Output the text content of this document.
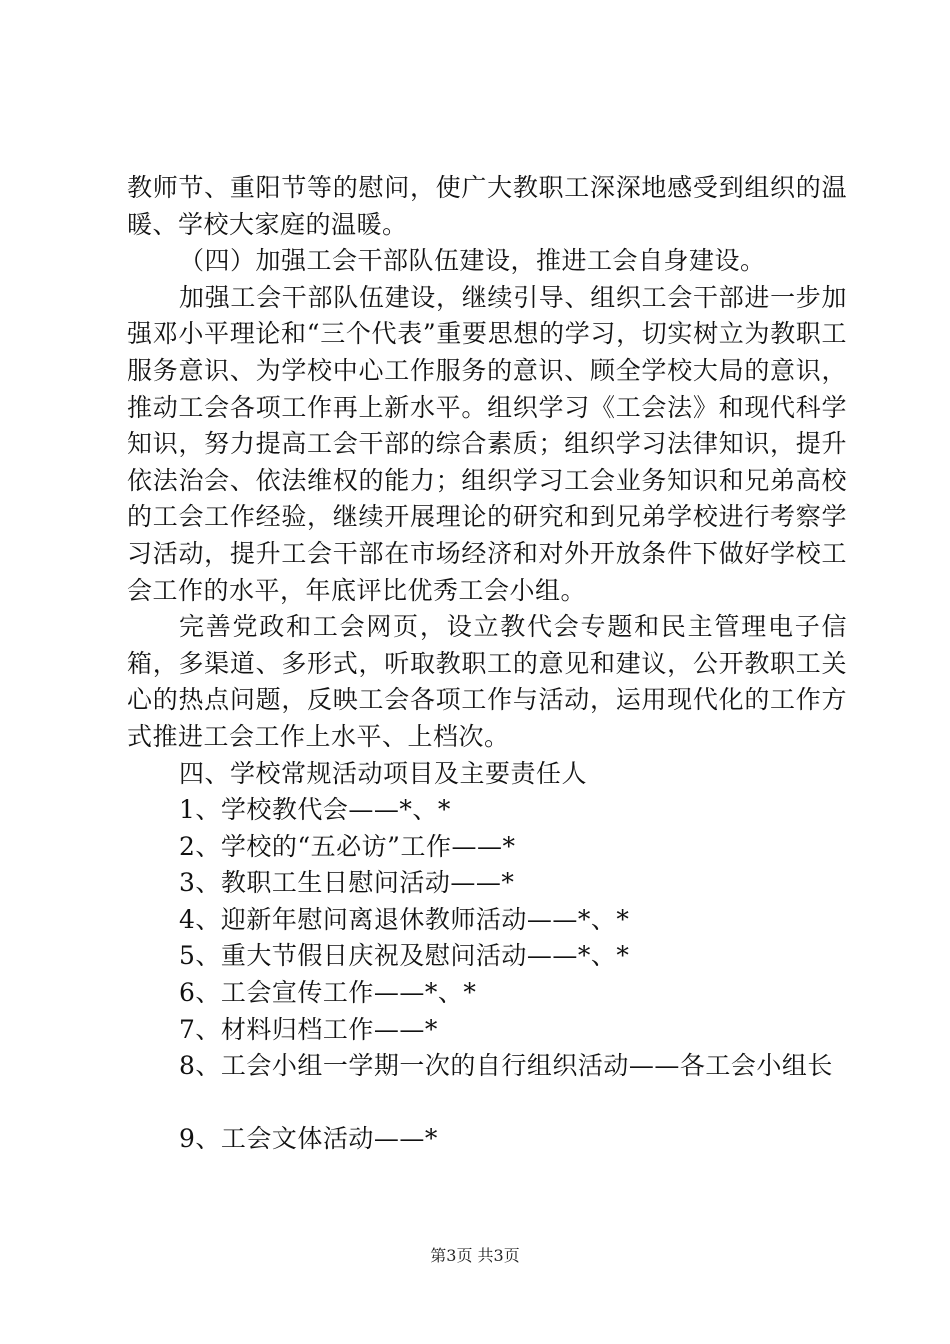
教师节、重阳节等的慰问，使广大教职工深深地感受到组织的温暖、学校大家庭的温暖。

（四）加强工会干部队伍建设，推进工会自身建设。

加强工会干部队伍建设，继续引导、组织工会干部进一步加强邓小平理论和“三个代表”重要思想的学习，切实树立为教职工服务意识、为学校中心工作服务的意识、顾全学校大局的意识，推动工会各项工作再上新水平。组织学习《工会法》和现代科学知识，努力提高工会干部的综合素质；组织学习法律知识，提升依法治会、依法维权的能力；组织学习工会业务知识和兄弟高校的工会工作经验，继续开展理论的研究和到兄弟学校进行考察学习活动，提升工会干部在市场经济和对外开放条件下做好学校工会工作的水平，年底评比优秀工会小组。

完善党政和工会网页，设立教代会专题和民主管理电子信箱，多渠道、多形式，听取教职工的意见和建议，公开教职工关心的热点问题，反映工会各项工作与活动，运用现代化的工作方式推进工会工作上水平、上档次。

四、学校常规活动项目及主要责任人

1、学校教代会——*、*

2、学校的“五必访”工作——*

3、教职工生日慰问活动——*

4、迎新年慰问离退休教师活动——*、*

5、重大节假日庆祝及慰问活动——*、*

6、工会宣传工作——*、*

7、材料归档工作——*

8、工会小组一学期一次的自行组织活动——各工会小组长

9、工会文体活动——*

第3页 共3页
